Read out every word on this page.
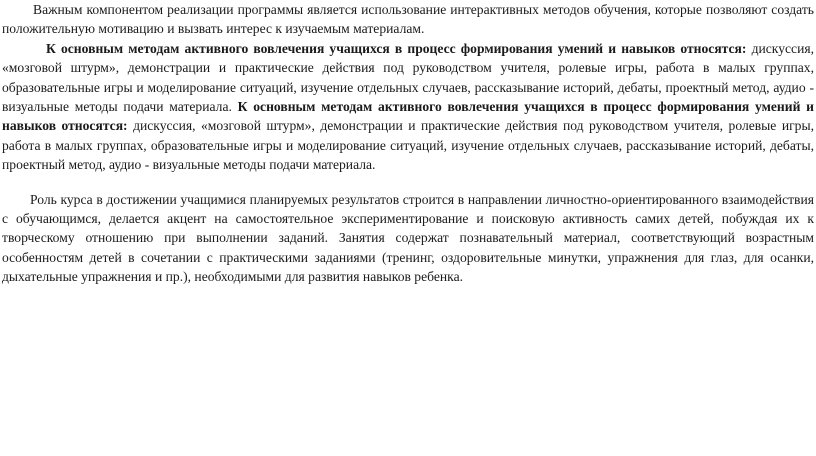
Важным компонентом реализации программы является использование интерактивных методов обучения, которые позволяют создать положительную мотивацию и вызвать интерес к изучаемым материалам.

К основным методам активного вовлечения учащихся в процесс формирования умений и навыков относятся: дискуссия, «мозговой штурм», демонстрации и практические действия под руководством учителя, ролевые игры, работа в малых группах, образовательные игры и моделирование ситуаций, изучение отдельных случаев, рассказывание историй, дебаты, проектный метод, аудио - визуальные методы подачи материала. К основным методам активного вовлечения учащихся в процесс формирования умений и навыков относятся: дискуссия, «мозговой штурм», демонстрации и практические действия под руководством учителя, ролевые игры, работа в малых группах, образовательные игры и моделирование ситуаций, изучение отдельных случаев, рассказывание историй, дебаты, проектный метод, аудио - визуальные методы подачи материала.

Роль курса в достижении учащимися планируемых результатов строится в направлении личностно-ориентированного взаимодействия с обучающимся, делается акцент на самостоятельное экспериментирование и поисковую активность самих детей, побуждая их к творческому отношению при выполнении заданий. Занятия содержат познавательный материал, соответствующий возрастным особенностям детей в сочетании с практическими заданиями (тренинг, оздоровительные минутки, упражнения для глаз, для осанки, дыхательные упражнения и пр.), необходимыми для развития навыков ребенка.
